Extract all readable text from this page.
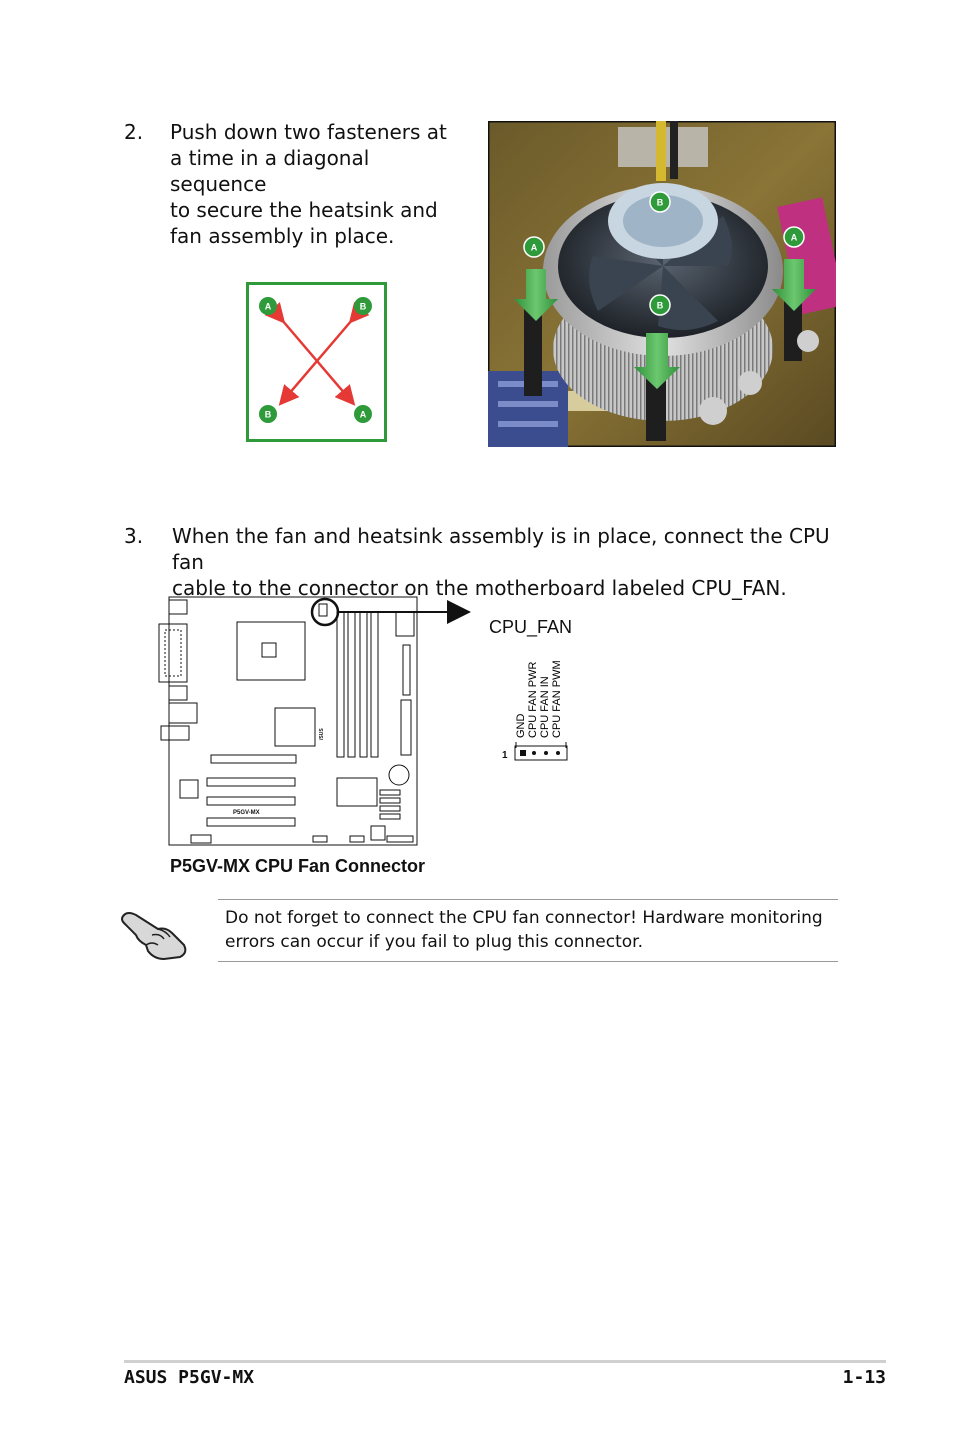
2. Push down two fasteners at
a time in a diagonal sequence
to secure the heatsink and
fan assembly in place.
A	B
B	A
B
A
A
B
3. When the fan and heatsink assembly is in place, connect the CPU fan
cable to the connector on the motherboard labeled CPU_FAN.
P5GV-MX
/SUS
CPU_FAN
GND CPU FAN PWR CPU FAN IN CPU FAN PWM
1
P5GV-MX CPU Fan Connector
Do not forget to connect the CPU fan connector! Hardware monitoring
errors can occur if you fail to plug this connector.
ASUS P5GV-MX	1-13
